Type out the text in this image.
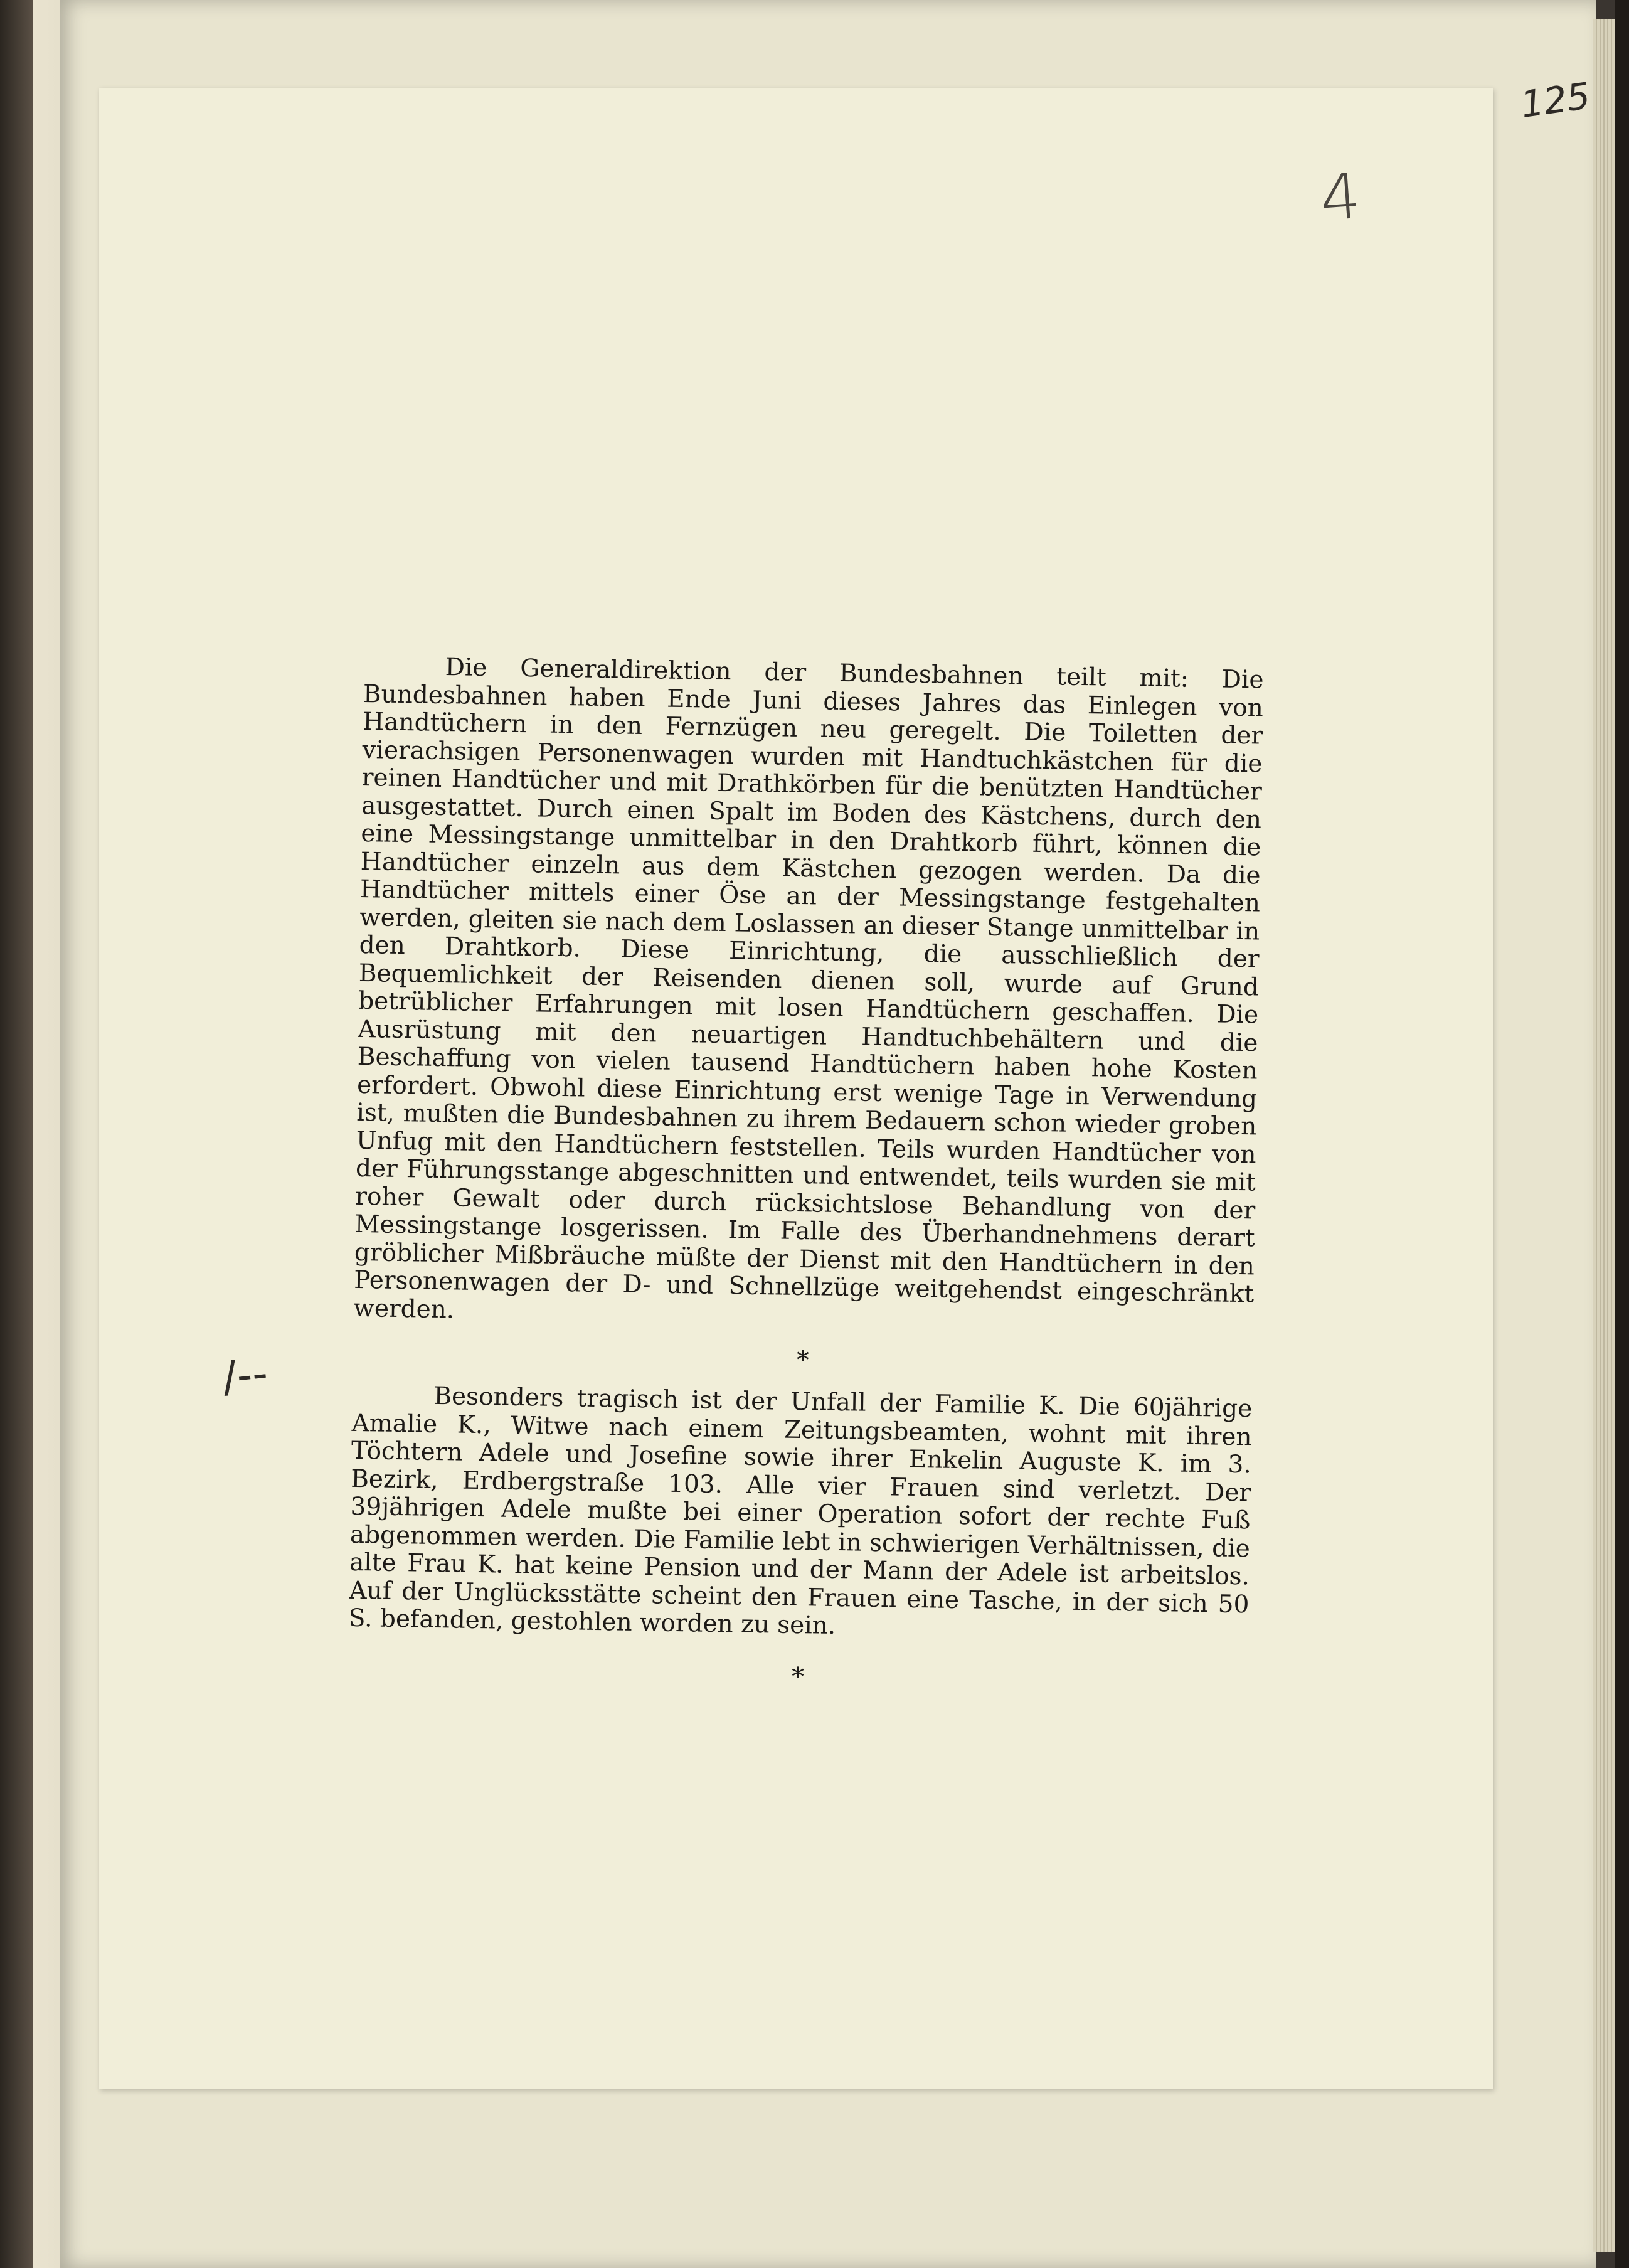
125
4
/--

Die Generaldirektion der Bundesbahnen teilt mit: Die Bundesbahnen haben Ende Juni dieses Jahres das Einlegen von Handtüchern in den Fernzügen neu geregelt. Die Toiletten der vierachsigen Personenwagen wurden mit Handtuchkästchen für die reinen Handtücher und mit Drathkörben für die benützten Handtücher ausgestattet. Durch einen Spalt im Boden des Kästchens, durch den eine Messingstange unmittelbar in den Drahtkorb führt, können die Handtücher einzeln aus dem Kästchen gezogen werden. Da die Handtücher mittels einer Öse an der Messingstange festgehalten werden, gleiten sie nach dem Loslassen an dieser Stange unmittelbar in den Drahtkorb. Diese Einrichtung, die ausschließlich der Bequemlichkeit der Reisenden dienen soll, wurde auf Grund betrüblicher Erfahrungen mit losen Handtüchern geschaffen. Die Ausrüstung mit den neuartigen Handtuchbehältern und die Beschaffung von vielen tausend Handtüchern haben hohe Kosten erfordert. Obwohl diese Einrichtung erst wenige Tage in Verwendung ist, mußten die Bundesbahnen zu ihrem Bedauern schon wieder groben Unfug mit den Handtüchern feststellen. Teils wurden Handtücher von der Führungsstange abgeschnitten und entwendet, teils wurden sie mit roher Gewalt oder durch rücksichtslose Behandlung von der Messingstange losgerissen. Im Falle des Überhandnehmens derart gröblicher Mißbräuche müßte der Dienst mit den Handtüchern in den Personenwagen der D- und Schnellzüge weitgehendst eingeschränkt werden.

*

Besonders tragisch ist der Unfall der Familie K. Die 60jährige Amalie K., Witwe nach einem Zeitungsbeamten, wohnt mit ihren Töchtern Adele und Josefine sowie ihrer Enkelin Auguste K. im 3. Bezirk, Erdbergstraße 103. Alle vier Frauen sind verletzt. Der 39jährigen Adele mußte bei einer Operation sofort der rechte Fuß abgenommen werden. Die Familie lebt in schwierigen Verhältnissen, die alte Frau K. hat keine Pension und der Mann der Adele ist arbeitslos. Auf der Unglücksstätte scheint den Frauen eine Tasche, in der sich 50 S. befanden, gestohlen worden zu sein.

*
